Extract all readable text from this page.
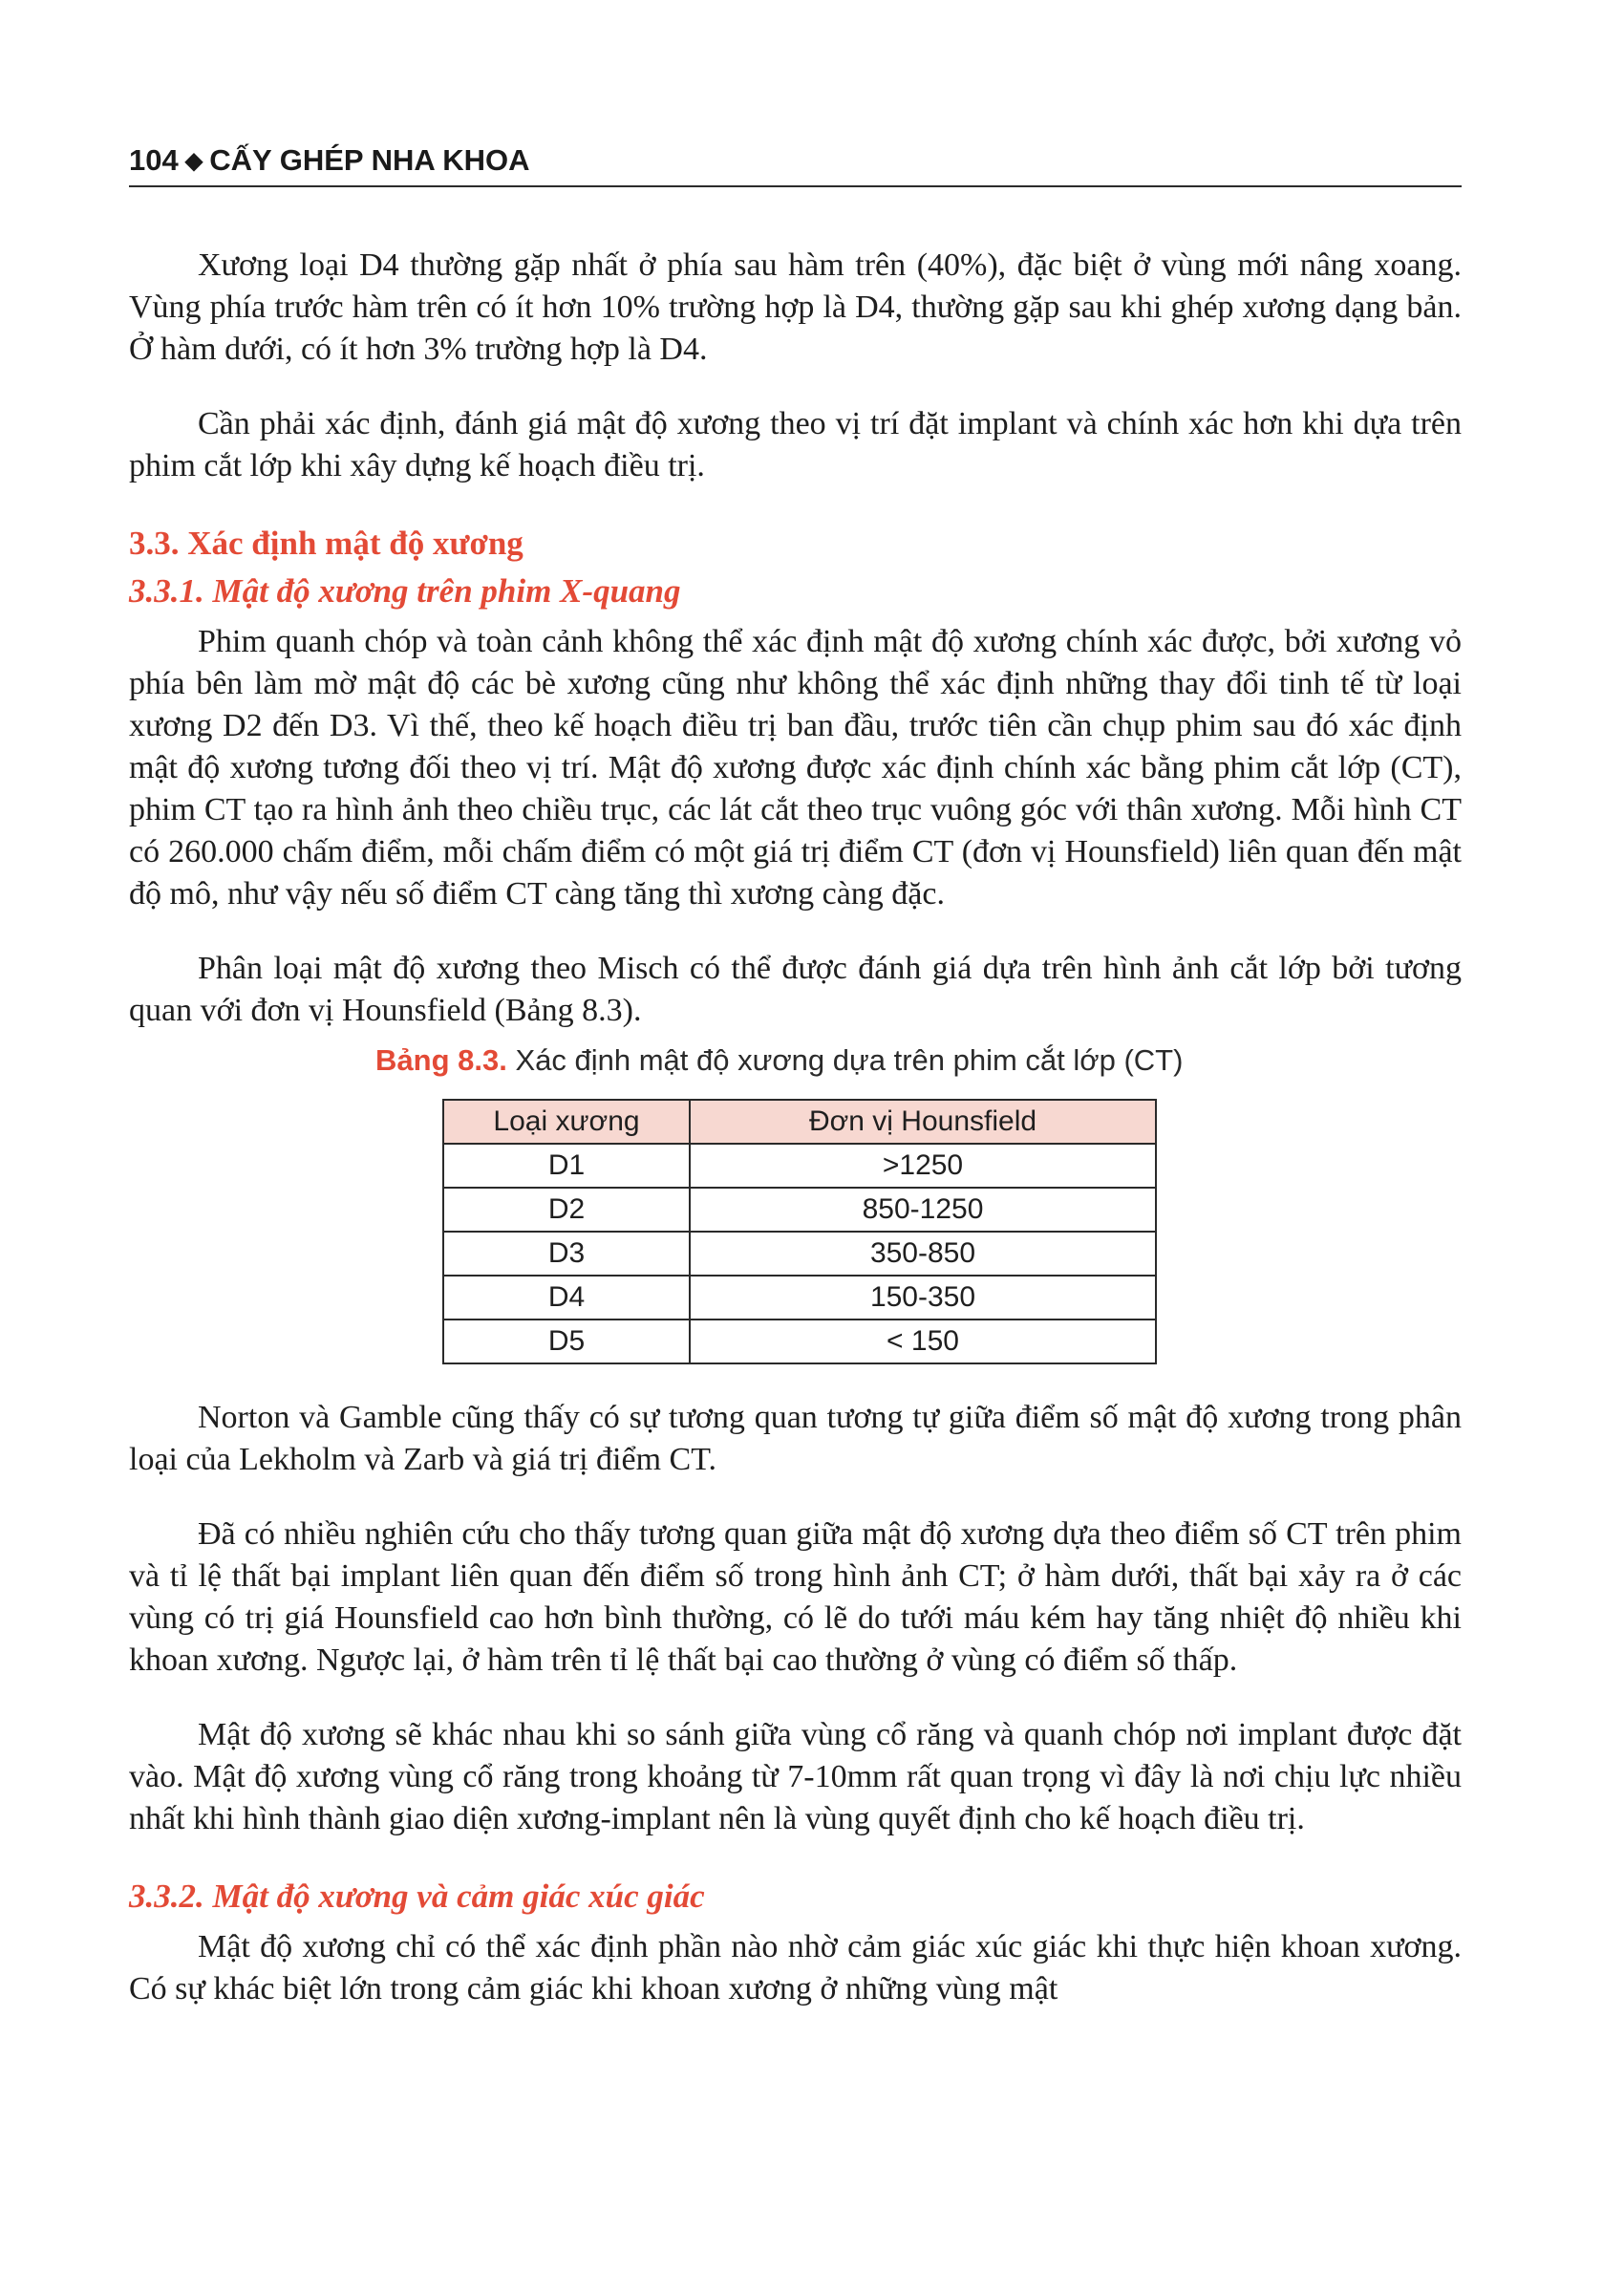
104 ◆ CẤY GHÉP NHA KHOA

Xương loại D4 thường gặp nhất ở phía sau hàm trên (40%), đặc biệt ở vùng mới nâng xoang. Vùng phía trước hàm trên có ít hơn 10% trường hợp là D4, thường gặp sau khi ghép xương dạng bản. Ở hàm dưới, có ít hơn 3% trường hợp là D4.

Cần phải xác định, đánh giá mật độ xương theo vị trí đặt implant và chính xác hơn khi dựa trên phim cắt lớp khi xây dựng kế hoạch điều trị.

3.3. Xác định mật độ xương
3.3.1. Mật độ xương trên phim X-quang

Phim quanh chóp và toàn cảnh không thể xác định mật độ xương chính xác được, bởi xương vỏ phía bên làm mờ mật độ các bè xương cũng như không thể xác định những thay đổi tinh tế từ loại xương D2 đến D3. Vì thế, theo kế hoạch điều trị ban đầu, trước tiên cần chụp phim sau đó xác định mật độ xương tương đối theo vị trí. Mật độ xương được xác định chính xác bằng phim cắt lớp (CT), phim CT tạo ra hình ảnh theo chiều trục, các lát cắt theo trục vuông góc với thân xương. Mỗi hình CT có 260.000 chấm điểm, mỗi chấm điểm có một giá trị điểm CT (đơn vị Hounsfield) liên quan đến mật độ mô, như vậy nếu số điểm CT càng tăng thì xương càng đặc.

Phân loại mật độ xương theo Misch có thể được đánh giá dựa trên hình ảnh cắt lớp bởi tương quan với đơn vị Hounsfield (Bảng 8.3).

Bảng 8.3. Xác định mật độ xương dựa trên phim cắt lớp (CT)
Loại xương	Đơn vị Hounsfield
D1	>1250
D2	850-1250
D3	350-850
D4	150-350
D5	< 150

Norton và Gamble cũng thấy có sự tương quan tương tự giữa điểm số mật độ xương trong phân loại của Lekholm và Zarb và giá trị điểm CT.

Đã có nhiều nghiên cứu cho thấy tương quan giữa mật độ xương dựa theo điểm số CT trên phim và tỉ lệ thất bại implant liên quan đến điểm số trong hình ảnh CT; ở hàm dưới, thất bại xảy ra ở các vùng có trị giá Hounsfield cao hơn bình thường, có lẽ do tưới máu kém hay tăng nhiệt độ nhiều khi khoan xương. Ngược lại, ở hàm trên tỉ lệ thất bại cao thường ở vùng có điểm số thấp.

Mật độ xương sẽ khác nhau khi so sánh giữa vùng cổ răng và quanh chóp nơi implant được đặt vào. Mật độ xương vùng cổ răng trong khoảng từ 7-10mm rất quan trọng vì đây là nơi chịu lực nhiều nhất khi hình thành giao diện xương-implant nên là vùng quyết định cho kế hoạch điều trị.

3.3.2. Mật độ xương và cảm giác xúc giác

Mật độ xương chỉ có thể xác định phần nào nhờ cảm giác xúc giác khi thực hiện khoan xương. Có sự khác biệt lớn trong cảm giác khi khoan xương ở những vùng mật
